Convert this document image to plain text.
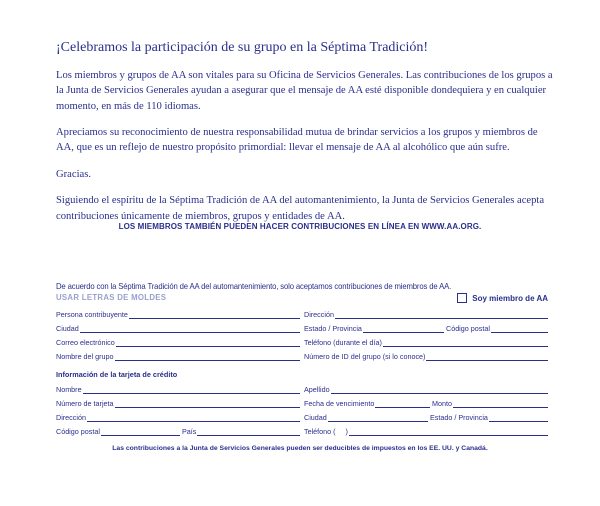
¡Celebramos la participación de su grupo en la Séptima Tradición!

Los miembros y grupos de AA son vitales para su Oficina de Servicios Generales. Las contribuciones de los grupos a la Junta de Servicios Generales ayudan a asegurar que el mensaje de AA esté disponible dondequiera y en cualquier momento, en más de 110 idiomas.

Apreciamos su reconocimiento de nuestra responsabilidad mutua de brindar servicios a los grupos y miembros de AA, que es un reflejo de nuestro propósito primordial: llevar el mensaje de AA al alcohólico que aún sufre.

Gracias.

Siguiendo el espíritu de la Séptima Tradición de AA del automantenimiento, la Junta de Servicios Generales acepta contribuciones únicamente de miembros, grupos y entidades de AA.

LOS MIEMBROS TAMBIÉN PUEDEN HACER CONTRIBUCIONES EN LÍNEA EN WWW.AA.ORG.
De acuerdo con la Séptima Tradición de AA del automantenimiento, solo aceptamos contribuciones de miembros de AA.
USAR LETRAS DE MOLDES	Soy miembro de AA
Persona contribuyente	Dirección
Ciudad	Estado / Provincia	Código postal
Correo electrónico	Teléfono (durante el día)
Nombre del grupo	Número de ID del grupo (si lo conoce)
Información de la tarjeta de crédito
Nombre	Apellido
Número de tarjeta	Fecha de vencimiento	Monto
Dirección	Ciudad	Estado / Provincia
Código postal	País	Teléfono (     )
Las contribuciones a la Junta de Servicios Generales pueden ser deducibles de impuestos en los EE. UU. y Canadá.
